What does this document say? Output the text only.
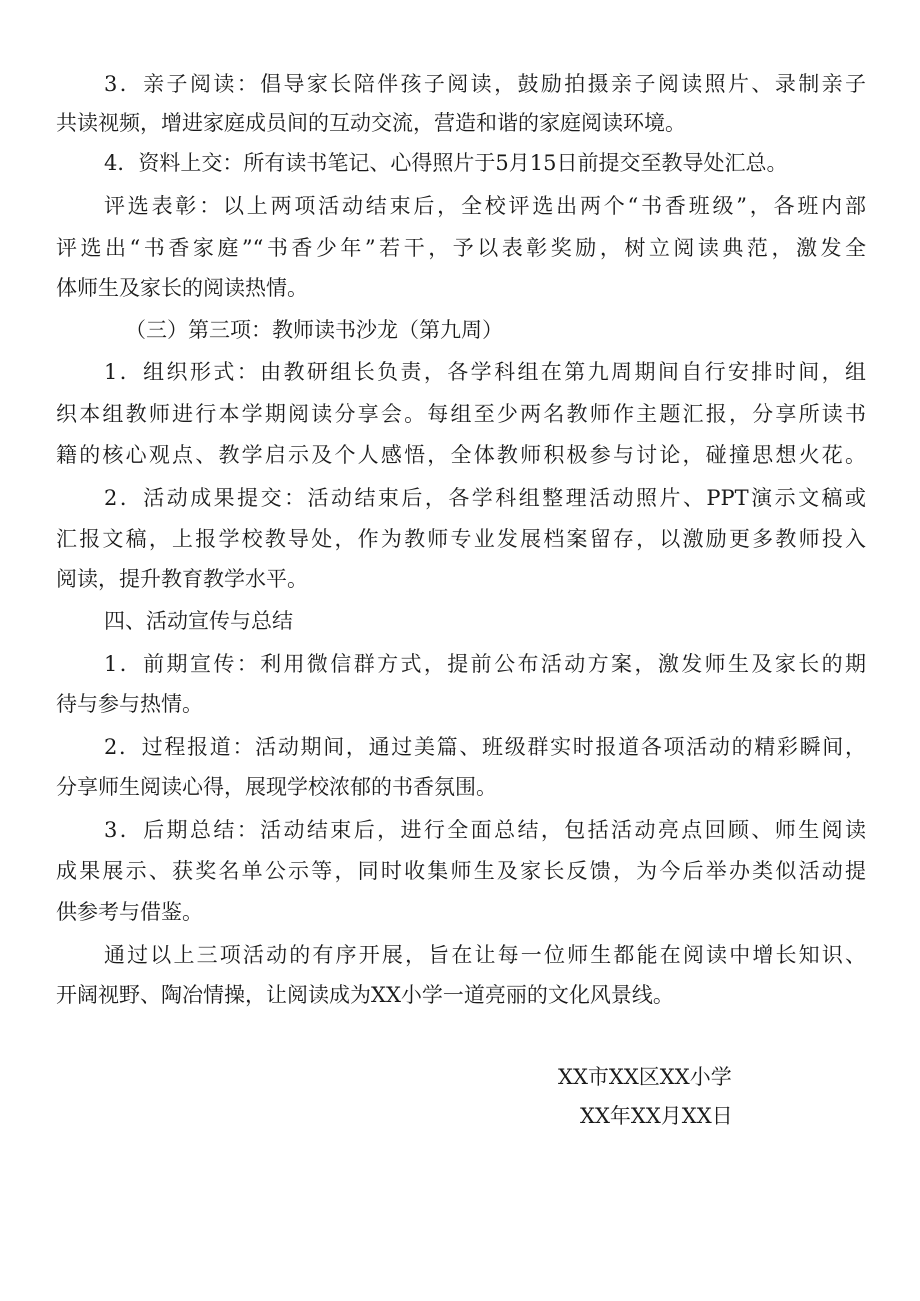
3．亲子阅读：倡导家长陪伴孩子阅读，鼓励拍摄亲子阅读照片、录制亲子
共读视频，增进家庭成员间的互动交流，营造和谐的家庭阅读环境。
4．资料上交：所有读书笔记、心得照片于5月15日前提交至教导处汇总。
评选表彰：以上两项活动结束后，全校评选出两个“书香班级”，各班内部
评选出“书香家庭”“书香少年”若干，予以表彰奖励，树立阅读典范，激发全
体师生及家长的阅读热情。
（三）第三项：教师读书沙龙（第九周）
1．组织形式：由教研组长负责，各学科组在第九周期间自行安排时间，组
织本组教师进行本学期阅读分享会。每组至少两名教师作主题汇报，分享所读书
籍的核心观点、教学启示及个人感悟，全体教师积极参与讨论，碰撞思想火花。
2．活动成果提交：活动结束后，各学科组整理活动照片、PPT演示文稿或
汇报文稿，上报学校教导处，作为教师专业发展档案留存，以激励更多教师投入
阅读，提升教育教学水平。
四、活动宣传与总结
1．前期宣传：利用微信群方式，提前公布活动方案，激发师生及家长的期
待与参与热情。
2．过程报道：活动期间，通过美篇、班级群实时报道各项活动的精彩瞬间，
分享师生阅读心得，展现学校浓郁的书香氛围。
3．后期总结：活动结束后，进行全面总结，包括活动亮点回顾、师生阅读
成果展示、获奖名单公示等，同时收集师生及家长反馈，为今后举办类似活动提
供参考与借鉴。
通过以上三项活动的有序开展，旨在让每一位师生都能在阅读中增长知识、
开阔视野、陶冶情操，让阅读成为XX小学一道亮丽的文化风景线。
XX市XX区XX小学
XX年XX月XX日
